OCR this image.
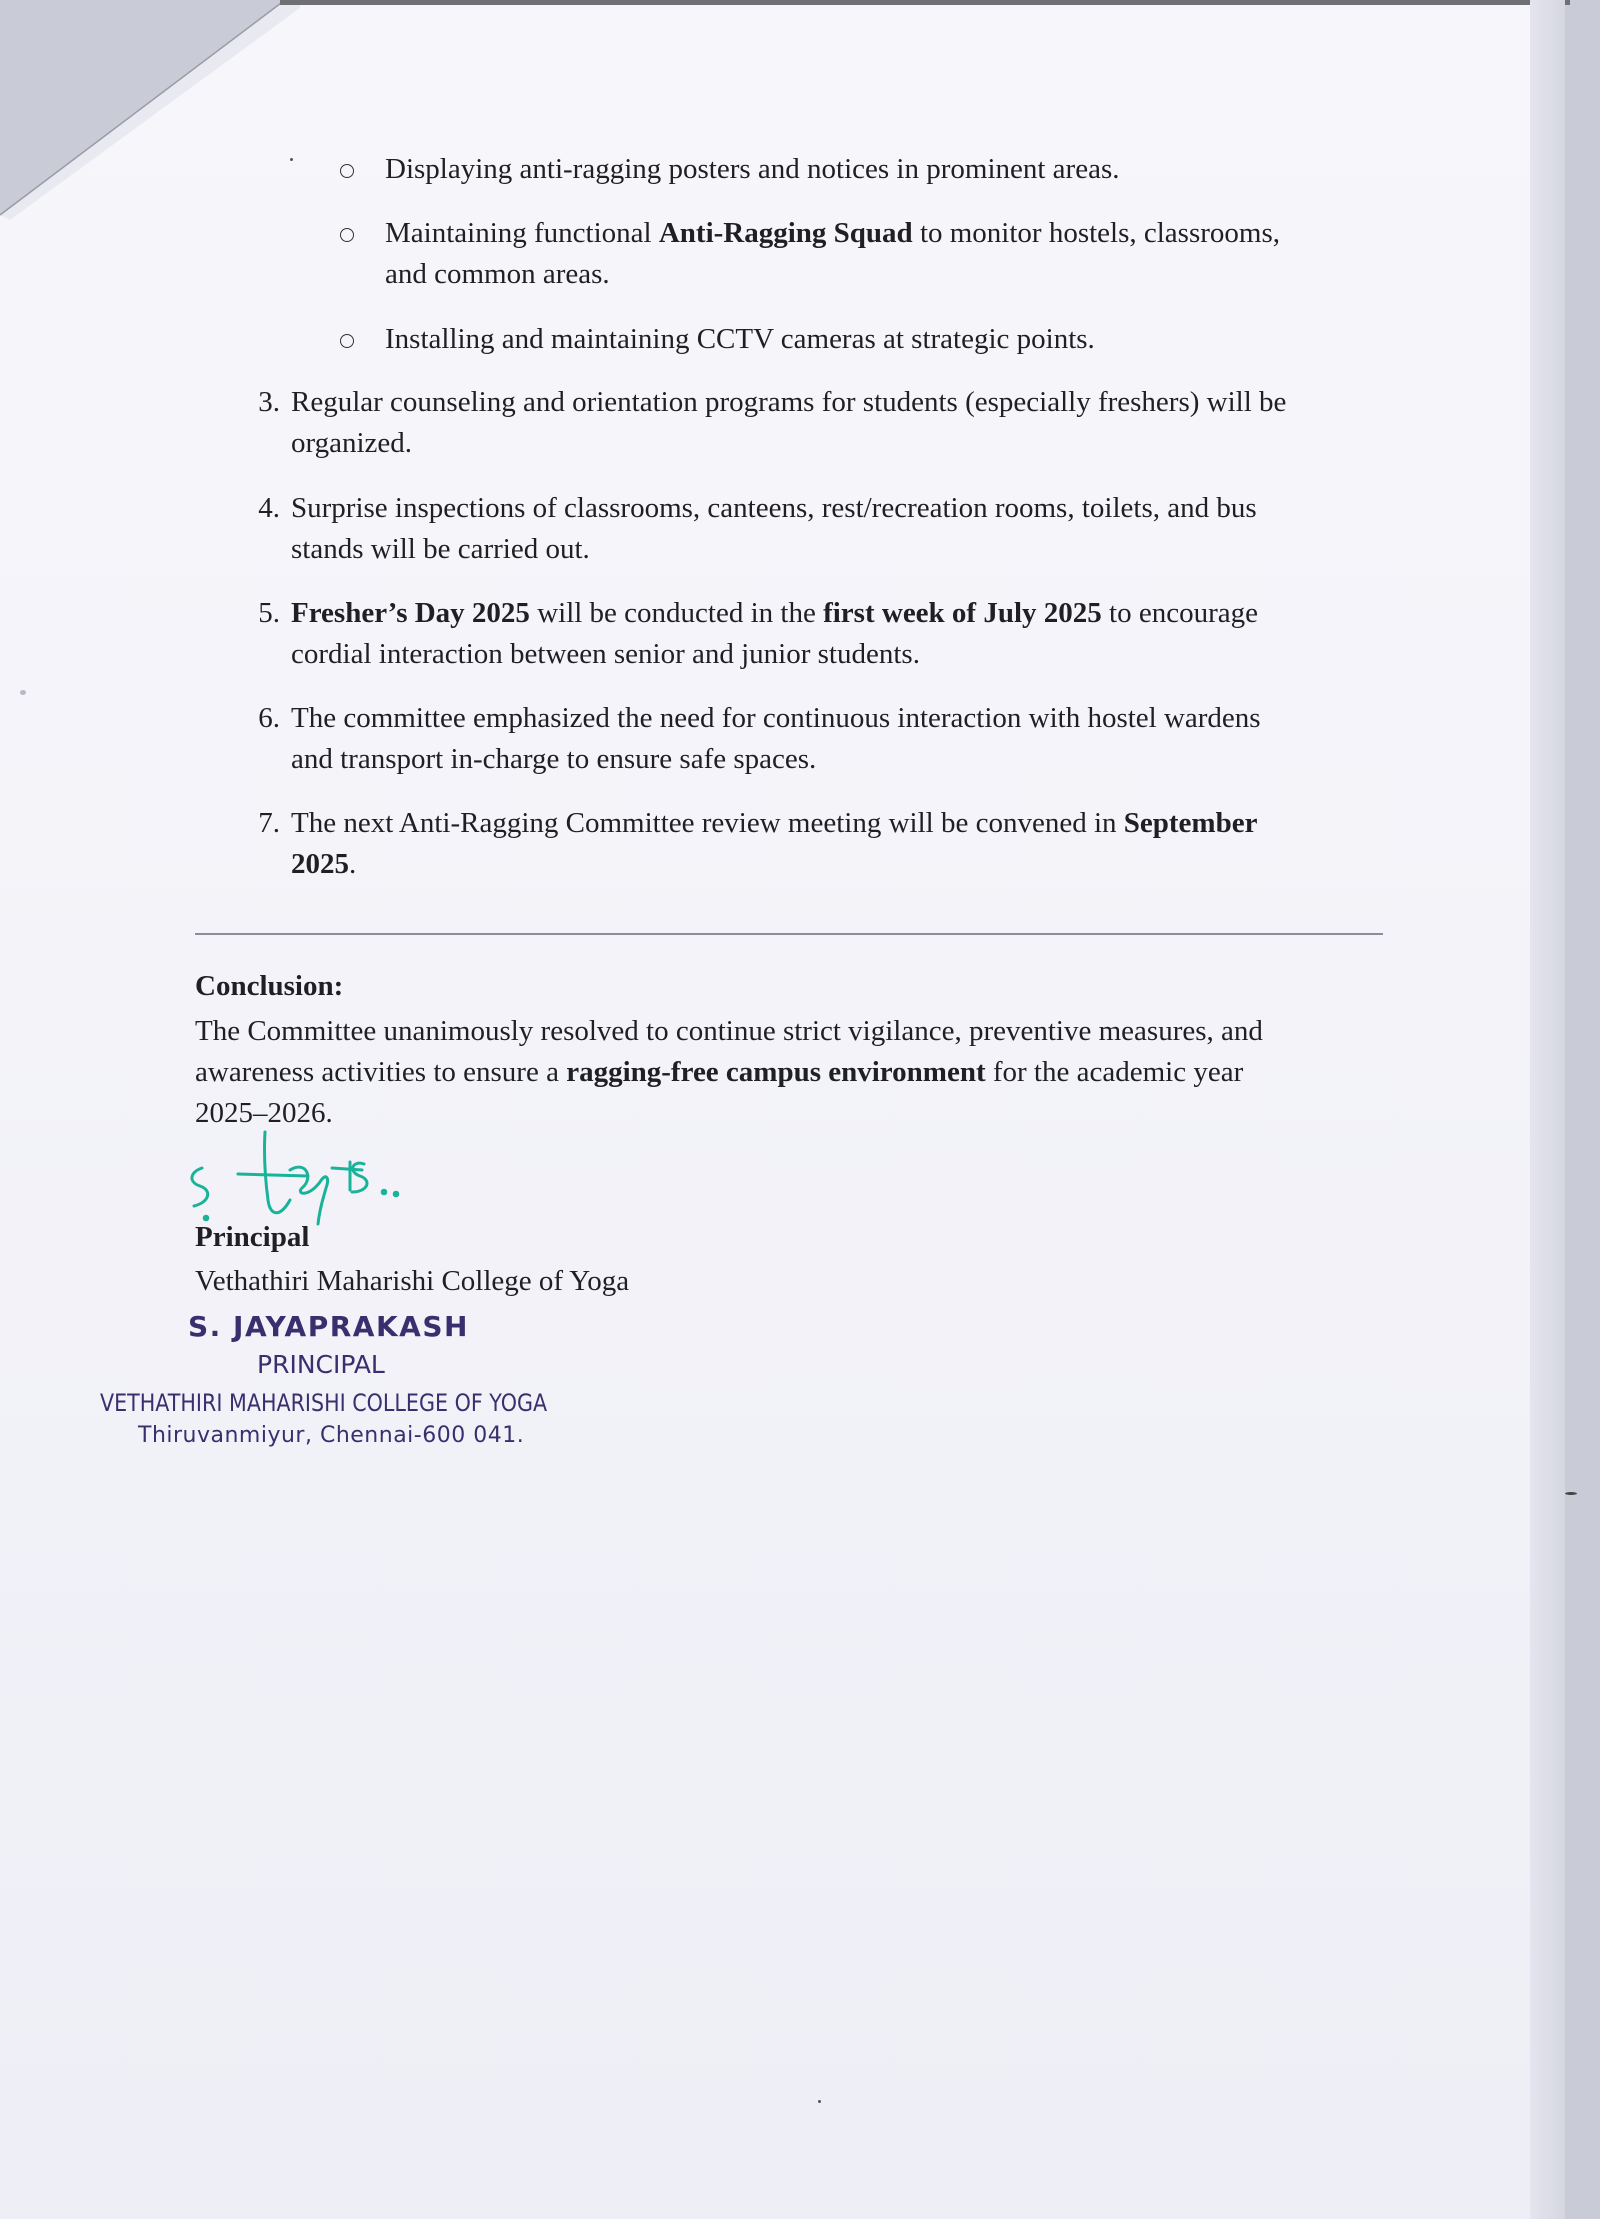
Displaying anti-ragging posters and notices in prominent areas.
Maintaining functional Anti-Ragging Squad to monitor hostels, classrooms,
and common areas.
Installing and maintaining CCTV cameras at strategic points.
3. Regular counseling and orientation programs for students (especially freshers) will be
organized.
4. Surprise inspections of classrooms, canteens, rest/recreation rooms, toilets, and bus
stands will be carried out.
5. Fresher’s Day 2025 will be conducted in the first week of July 2025 to encourage
cordial interaction between senior and junior students.
6. The committee emphasized the need for continuous interaction with hostel wardens
and transport in-charge to ensure safe spaces.
7. The next Anti-Ragging Committee review meeting will be convened in September
2025.
Conclusion:
The Committee unanimously resolved to continue strict vigilance, preventive measures, and
awareness activities to ensure a ragging-free campus environment for the academic year
2025–2026.
Principal
Vethathiri Maharishi College of Yoga
S. JAYAPRAKASH
PRINCIPAL
VETHATHIRI MAHARISHI COLLEGE OF YOGA
Thiruvanmiyur, Chennai-600 041.
